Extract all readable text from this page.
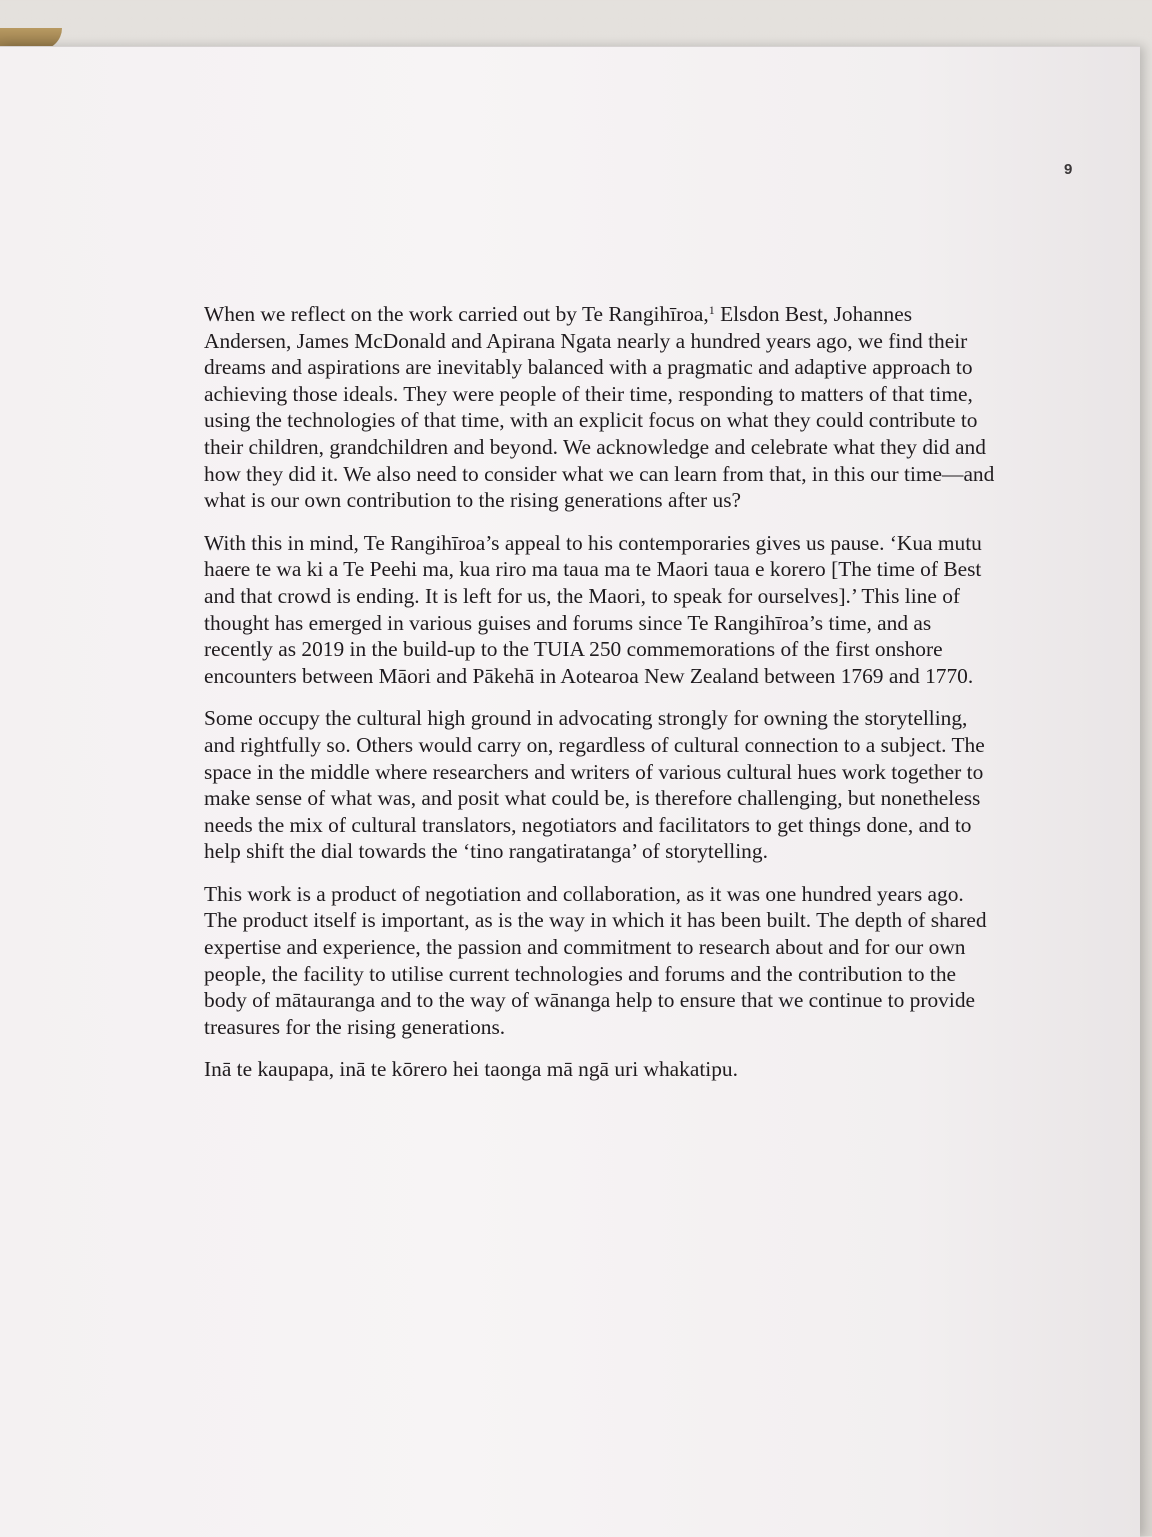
9

When we reflect on the work carried out by Te Rangihīroa,$^1$ Elsdon Best, Johannes Andersen, James McDonald and Apirana Ngata nearly a hundred years ago, we find their dreams and aspirations are inevitably balanced with a pragmatic and adaptive approach to achieving those ideals. They were people of their time, responding to matters of that time, using the technologies of that time, with an explicit focus on what they could contribute to their children, grandchildren and beyond. We acknowledge and celebrate what they did and how they did it. We also need to consider what we can learn from that, in this our time—and what is our own contribution to the rising generations after us?

With this in mind, Te Rangihīroa’s appeal to his contemporaries gives us pause. ‘Kua mutu haere te wa ki a Te Peehi ma, kua riro ma taua ma te Maori taua e korero [The time of Best and that crowd is ending. It is left for us, the Maori, to speak for ourselves].’ This line of thought has emerged in various guises and forums since Te Rangihīroa’s time, and as recently as 2019 in the build-up to the TUIA 250 commemorations of the first onshore encounters between Māori and Pākehā in Aotearoa New Zealand between 1769 and 1770.

Some occupy the cultural high ground in advocating strongly for owning the storytelling, and rightfully so. Others would carry on, regardless of cultural connection to a subject. The space in the middle where researchers and writers of various cultural hues work together to make sense of what was, and posit what could be, is therefore challenging, but nonetheless needs the mix of cultural translators, negotiators and facilitators to get things done, and to help shift the dial towards the ‘tino rangatiratanga’ of storytelling.

This work is a product of negotiation and collaboration, as it was one hundred years ago. The product itself is important, as is the way in which it has been built. The depth of shared expertise and experience, the passion and commitment to research about and for our own people, the facility to utilise current technologies and forums and the contribution to the body of mātauranga and to the way of wānanga help to ensure that we continue to provide treasures for the rising generations.

Inā te kaupapa, inā te kōrero hei taonga mā ngā uri whakatipu.
